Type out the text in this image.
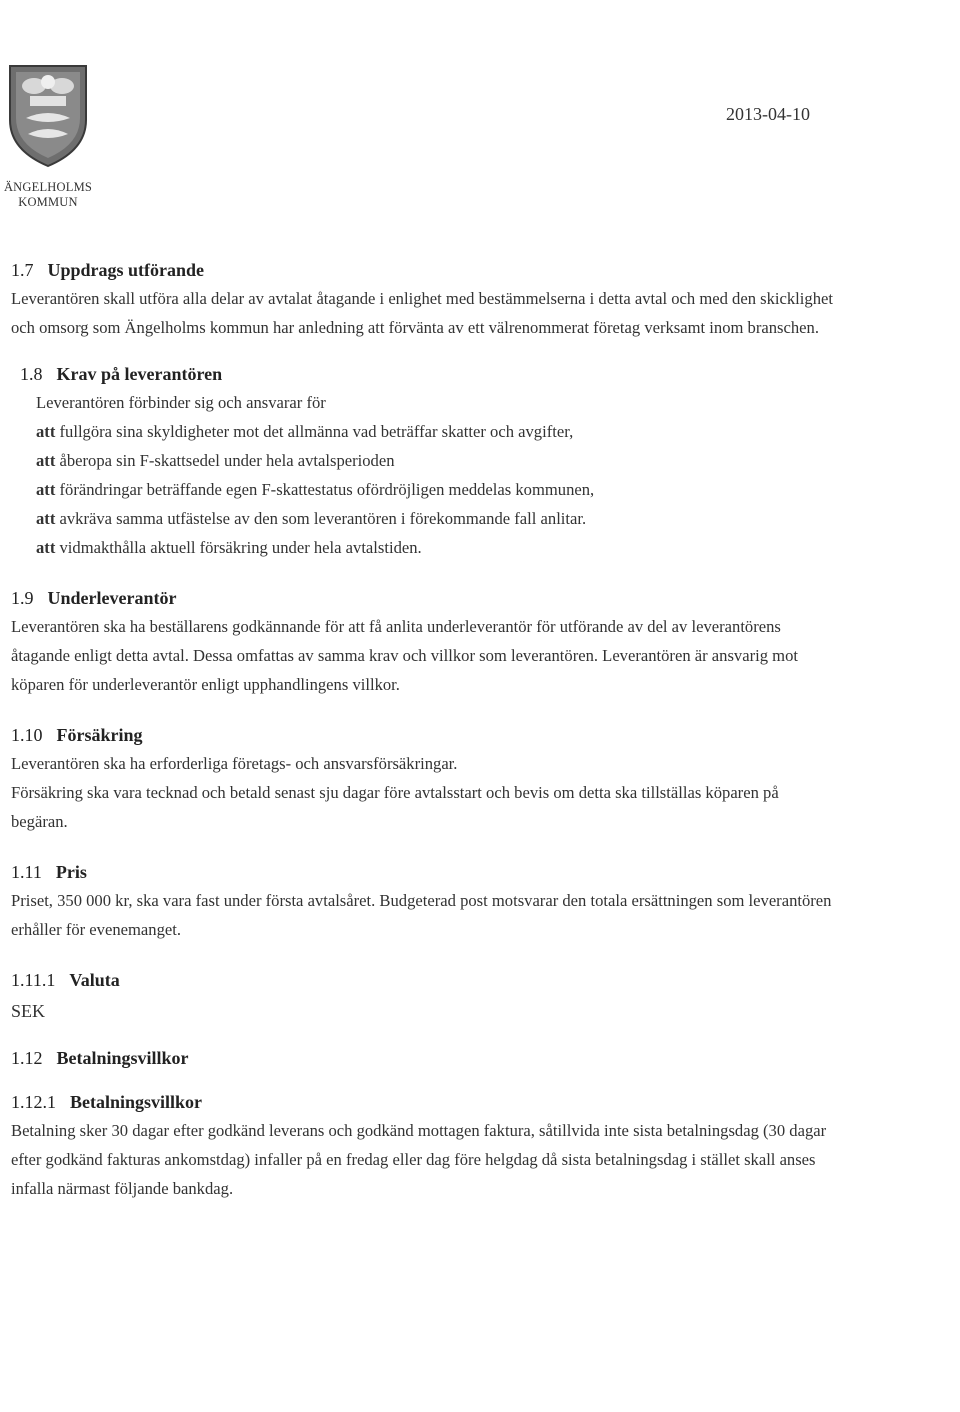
ÄNGELHOLMS
KOMMUN
2013-04-10
1.7 Uppdrags utförande

Leverantören skall utföra alla delar av avtalat åtagande i enlighet med bestämmelserna i detta avtal och med den skicklighet och omsorg som Ängelholms kommun har anledning att förvänta av ett välrenommerat företag verksamt inom branschen.

1.8 Krav på leverantören

Leverantören förbinder sig och ansvarar för

att fullgöra sina skyldigheter mot det allmänna vad beträffar skatter och avgifter,

att åberopa sin F-skattsedel under hela avtalsperioden

att förändringar beträffande egen F-skattestatus ofördröjligen meddelas kommunen,

att avkräva samma utfästelse av den som leverantören i förekommande fall anlitar.

att vidmakthålla aktuell försäkring under hela avtalstiden.

1.9 Underleverantör

Leverantören ska ha beställarens godkännande för att få anlita underleverantör för utförande av del av leverantörens åtagande enligt detta avtal. Dessa omfattas av samma krav och villkor som leverantören. Leverantören är ansvarig mot köparen för underleverantör enligt upphandlingens villkor.

1.10 Försäkring

Leverantören ska ha erforderliga företags- och ansvarsförsäkringar.

Försäkring ska vara tecknad och betald senast sju dagar före avtalsstart och bevis om detta ska tillställas köparen på begäran.

1.11 Pris

Priset, 350 000 kr, ska vara fast under första avtalsåret. Budgeterad post motsvarar den totala ersättningen som leverantören erhåller för evenemanget.

1.11.1 Valuta
SEK
1.12 Betalningsvillkor
1.12.1 Betalningsvillkor

Betalning sker 30 dagar efter godkänd leverans och godkänd mottagen faktura, såtillvida inte sista betalningsdag (30 dagar efter godkänd fakturas ankomstdag) infaller på en fredag eller dag före helgdag då sista betalningsdag i stället skall anses infalla närmast följande bankdag.
